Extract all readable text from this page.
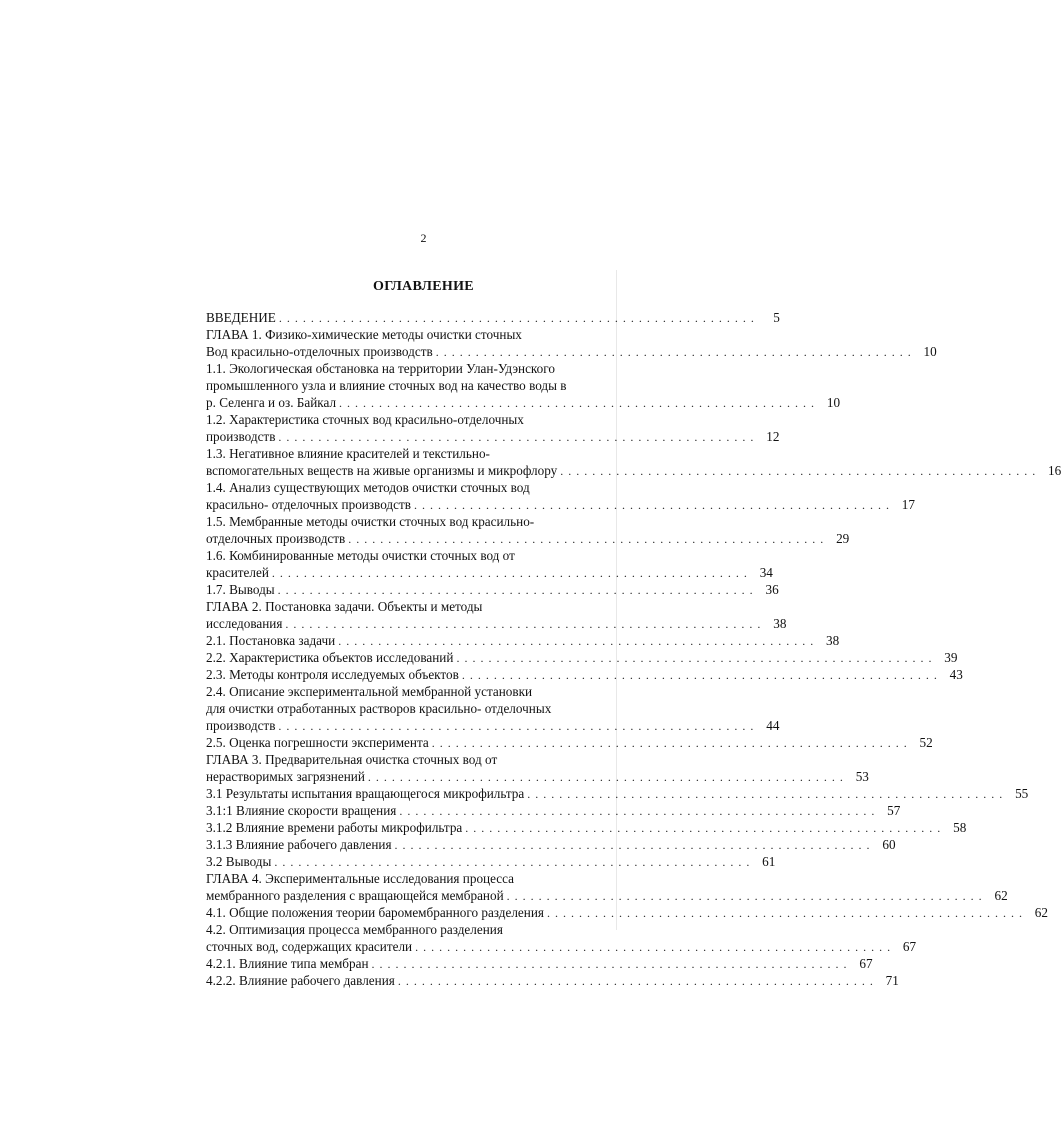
2
ОГЛАВЛЕНИЕ
ВВЕДЕНИЕ . . . . . . . . . . . . . . . . . . . . . . . . . . . . . . . . . . . . . . . . . . . . . . . . . . . . . . . . . . . .	5
ГЛАВА 1. Физико-химические методы очистки сточных
Вод красильно-отделочных производств . . . . . . . . . . . . . . . . . . . . . . . . . . . . . . . . . . . . . . . . . . . . . . . . . . . . . . . . . . . . 10
1.1. Экологическая обстановка на территории Улан-Удэнского
промышленного узла и влияние сточных вод на качество воды в
р. Селенга и оз. Байкал . . . . . . . . . . . . . . . . . . . . . . . . . . . . . . . . . . . . . . . . . . . . . . . . . . . . . . . . . . . . 10
1.2. Характеристика сточных вод красильно-отделочных
производств . . . . . . . . . . . . . . . . . . . . . . . . . . . . . . . . . . . . . . . . . . . . . . . . . . . . . . . . . . . . 12
1.3. Негативное влияние красителей и текстильно-
вспомогательных веществ на живые организмы и микрофлору . . . . . . . . . . . . . . . . . . . . . . . . . . . . . . . . . . . . . . . . . . . . . . . . . . . . . . . . . . . . 16
1.4. Анализ существующих методов очистки сточных вод
красильно- отделочных производств . . . . . . . . . . . . . . . . . . . . . . . . . . . . . . . . . . . . . . . . . . . . . . . . . . . . . . . . . . . . 17
1.5. Мембранные методы очистки сточных вод красильно-
отделочных производств . . . . . . . . . . . . . . . . . . . . . . . . . . . . . . . . . . . . . . . . . . . . . . . . . . . . . . . . . . . . 29
1.6. Комбинированные методы очистки сточных вод от
красителей . . . . . . . . . . . . . . . . . . . . . . . . . . . . . . . . . . . . . . . . . . . . . . . . . . . . . . . . . . . . 34
1.7. Выводы . . . . . . . . . . . . . . . . . . . . . . . . . . . . . . . . . . . . . . . . . . . . . . . . . . . . . . . . . . . . 36
ГЛАВА 2. Постановка задачи. Объекты и методы
исследования . . . . . . . . . . . . . . . . . . . . . . . . . . . . . . . . . . . . . . . . . . . . . . . . . . . . . . . . . . . . 38
2.1. Постановка задачи . . . . . . . . . . . . . . . . . . . . . . . . . . . . . . . . . . . . . . . . . . . . . . . . . . . . . . . . . . . . 38
2.2. Характеристика объектов исследований . . . . . . . . . . . . . . . . . . . . . . . . . . . . . . . . . . . . . . . . . . . . . . . . . . . . . . . . . . . . 39
2.3. Методы контроля исследуемых объектов . . . . . . . . . . . . . . . . . . . . . . . . . . . . . . . . . . . . . . . . . . . . . . . . . . . . . . . . . . . . 43
2.4. Описание экспериментальной мембранной установки
для очистки отработанных растворов красильно- отделочных
производств . . . . . . . . . . . . . . . . . . . . . . . . . . . . . . . . . . . . . . . . . . . . . . . . . . . . . . . . . . . . 44
2.5. Оценка погрешности эксперимента . . . . . . . . . . . . . . . . . . . . . . . . . . . . . . . . . . . . . . . . . . . . . . . . . . . . . . . . . . . . 52
ГЛАВА 3. Предварительная очистка сточных вод от
нерастворимых загрязнений . . . . . . . . . . . . . . . . . . . . . . . . . . . . . . . . . . . . . . . . . . . . . . . . . . . . . . . . . . . . 53
3.1 Результаты испытания вращающегося микрофильтра . . . . . . . . . . . . . . . . . . . . . . . . . . . . . . . . . . . . . . . . . . . . . . . . . . . . . . . . . . . . 55
3.1:1 Влияние скорости вращения . . . . . . . . . . . . . . . . . . . . . . . . . . . . . . . . . . . . . . . . . . . . . . . . . . . . . . . . . . . . 57
3.1.2 Влияние времени работы микрофильтра . . . . . . . . . . . . . . . . . . . . . . . . . . . . . . . . . . . . . . . . . . . . . . . . . . . . . . . . . . . . 58
3.1.3 Влияние рабочего давления . . . . . . . . . . . . . . . . . . . . . . . . . . . . . . . . . . . . . . . . . . . . . . . . . . . . . . . . . . . . 60
3.2 Выводы . . . . . . . . . . . . . . . . . . . . . . . . . . . . . . . . . . . . . . . . . . . . . . . . . . . . . . . . . . . . 61
ГЛАВА 4. Экспериментальные исследования процесса
мембранного разделения с вращающейся мембраной . . . . . . . . . . . . . . . . . . . . . . . . . . . . . . . . . . . . . . . . . . . . . . . . . . . . . . . . . . . . 62
4.1. Общие положения теории баромембранного разделения . . . . . . . . . . . . . . . . . . . . . . . . . . . . . . . . . . . . . . . . . . . . . . . . . . . . . . . . . . . . 62
4.2. Оптимизация процесса мембранного разделения
сточных вод, содержащих красители . . . . . . . . . . . . . . . . . . . . . . . . . . . . . . . . . . . . . . . . . . . . . . . . . . . . . . . . . . . . 67
4.2.1. Влияние типа мембран . . . . . . . . . . . . . . . . . . . . . . . . . . . . . . . . . . . . . . . . . . . . . . . . . . . . . . . . . . . . 67
4.2.2. Влияние рабочего давления . . . . . . . . . . . . . . . . . . . . . . . . . . . . . . . . . . . . . . . . . . . . . . . . . . . . . . . . . . . . 71
